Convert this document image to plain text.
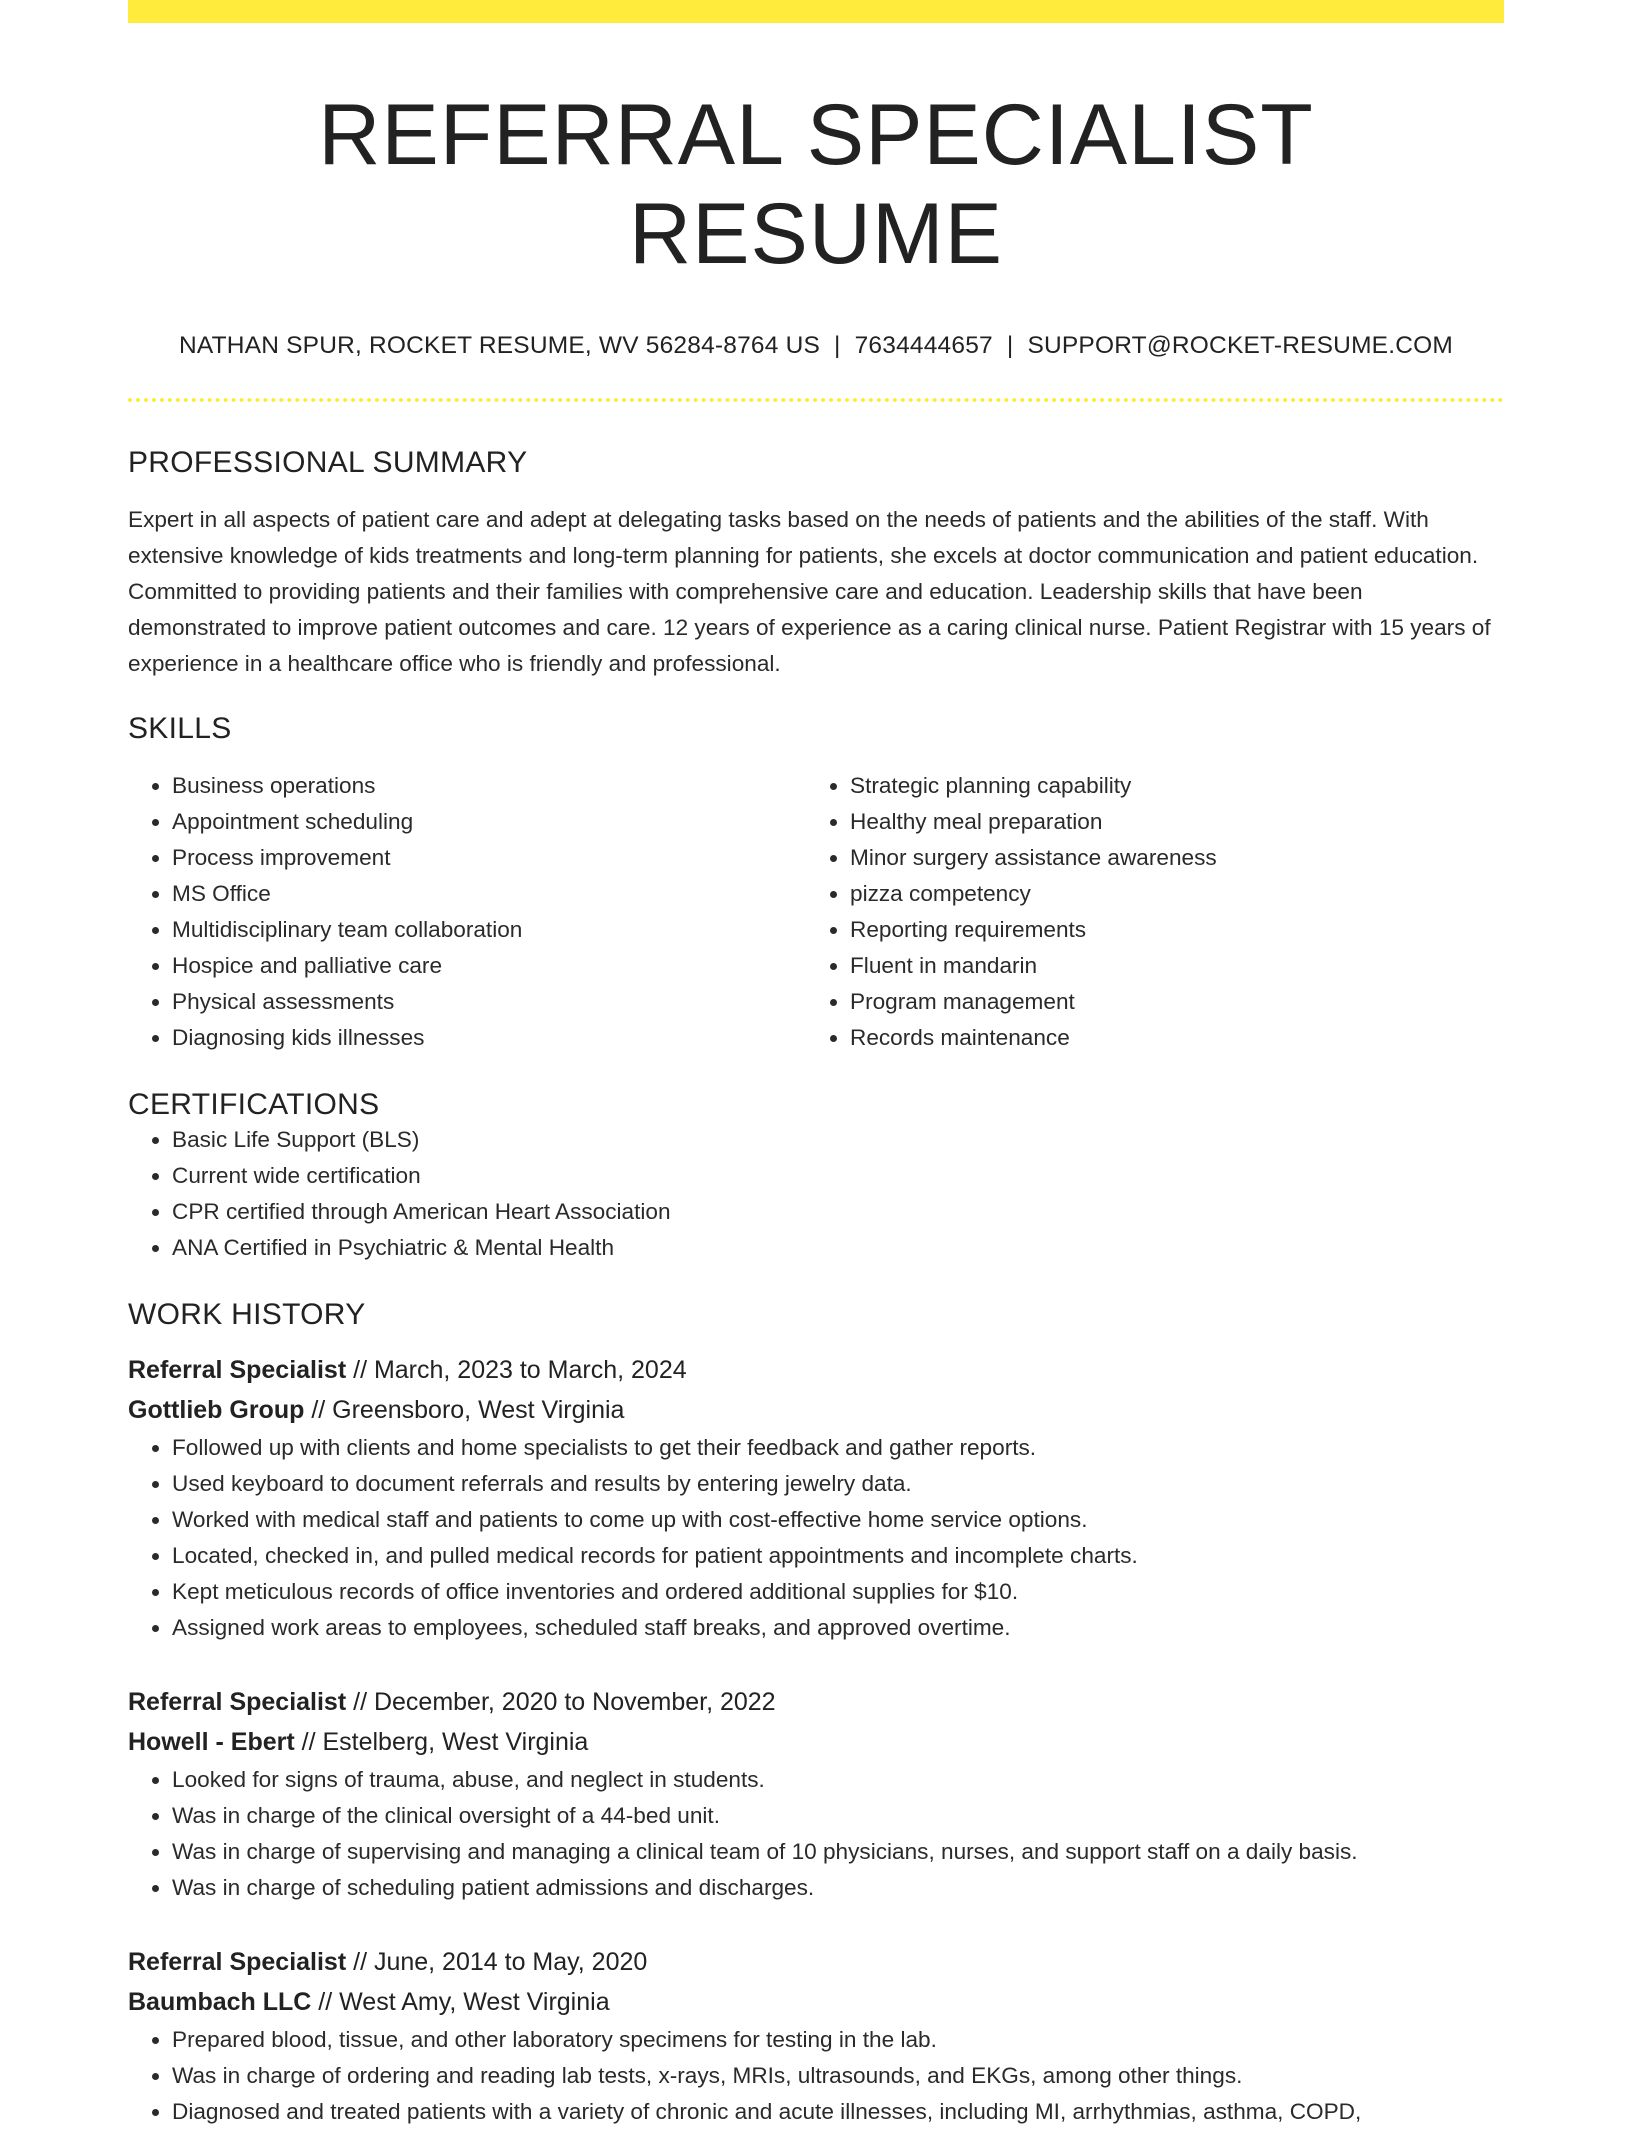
REFERRAL SPECIALIST RESUME
NATHAN SPUR, ROCKET RESUME, WV 56284-8764 US | 7634444657 | SUPPORT@ROCKET-RESUME.COM
PROFESSIONAL SUMMARY

Expert in all aspects of patient care and adept at delegating tasks based on the needs of patients and the abilities of the staff. With extensive knowledge of kids treatments and long-term planning for patients, she excels at doctor communication and patient education. Committed to providing patients and their families with comprehensive care and education. Leadership skills that have been demonstrated to improve patient outcomes and care. 12 years of experience as a caring clinical nurse. Patient Registrar with 15 years of experience in a healthcare office who is friendly and professional.

SKILLS
• Business operations
• Appointment scheduling
• Process improvement
• MS Office
• Multidisciplinary team collaboration
• Hospice and palliative care
• Physical assessments
• Diagnosing kids illnesses
• Strategic planning capability
• Healthy meal preparation
• Minor surgery assistance awareness
• pizza competency
• Reporting requirements
• Fluent in mandarin
• Program management
• Records maintenance
CERTIFICATIONS
• Basic Life Support (BLS)
• Current wide certification
• CPR certified through American Heart Association
• ANA Certified in Psychiatric & Mental Health
WORK HISTORY
Referral Specialist // March, 2023 to March, 2024
Gottlieb Group // Greensboro, West Virginia
• Followed up with clients and home specialists to get their feedback and gather reports.
• Used keyboard to document referrals and results by entering jewelry data.
• Worked with medical staff and patients to come up with cost-effective home service options.
• Located, checked in, and pulled medical records for patient appointments and incomplete charts.
• Kept meticulous records of office inventories and ordered additional supplies for $10.
• Assigned work areas to employees, scheduled staff breaks, and approved overtime.
Referral Specialist // December, 2020 to November, 2022
Howell - Ebert // Estelberg, West Virginia
• Looked for signs of trauma, abuse, and neglect in students.
• Was in charge of the clinical oversight of a 44-bed unit.
• Was in charge of supervising and managing a clinical team of 10 physicians, nurses, and support staff on a daily basis.
• Was in charge of scheduling patient admissions and discharges.
Referral Specialist // June, 2014 to May, 2020
Baumbach LLC // West Amy, West Virginia
• Prepared blood, tissue, and other laboratory specimens for testing in the lab.
• Was in charge of ordering and reading lab tests, x-rays, MRIs, ultrasounds, and EKGs, among other things.
• Diagnosed and treated patients with a variety of chronic and acute illnesses, including MI, arrhythmias, asthma, COPD,
